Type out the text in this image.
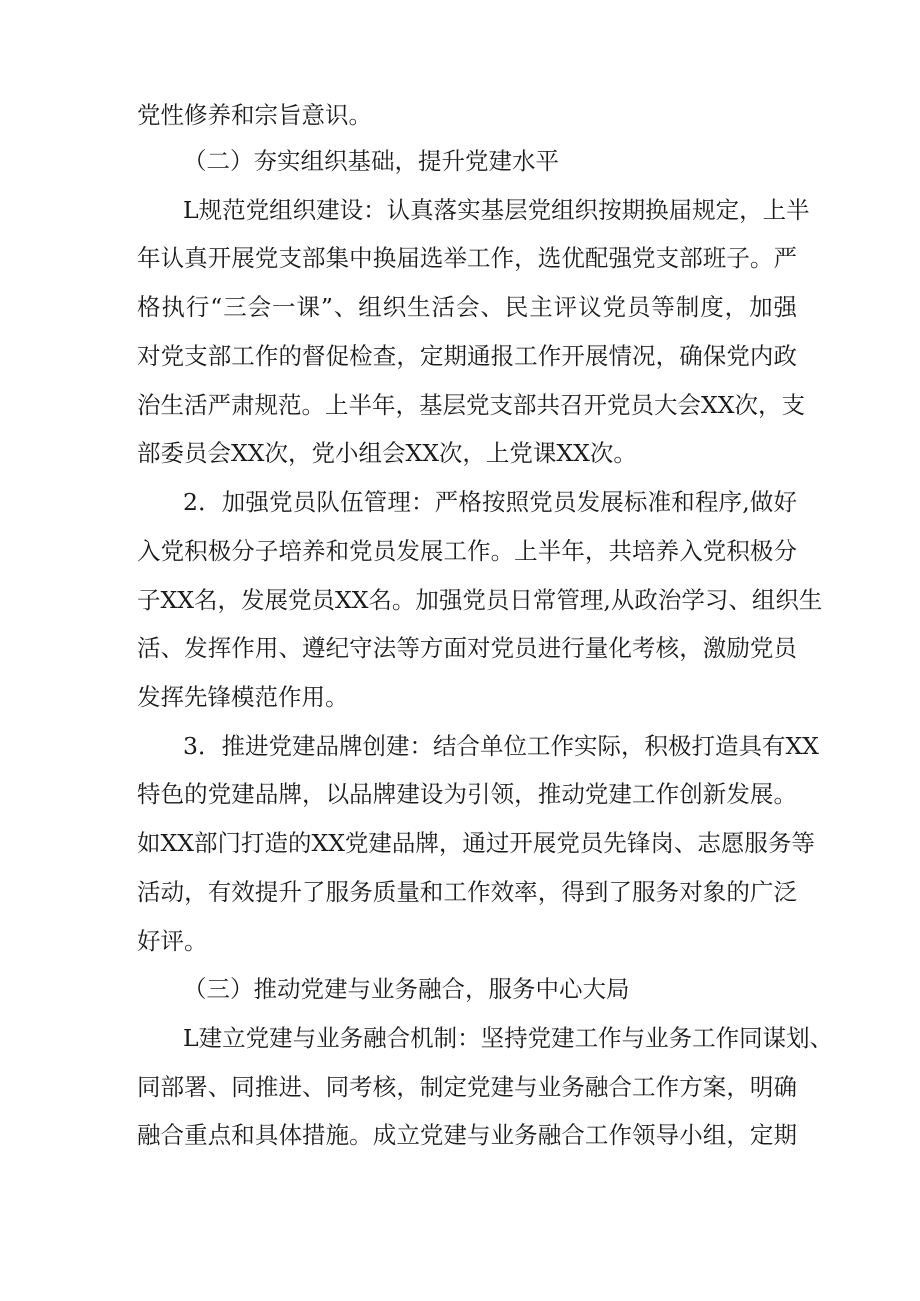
党性修养和宗旨意识。
（二）夯实组织基础，提升党建水平
L规范党组织建设：认真落实基层党组织按期换届规定，上半
年认真开展党支部集中换届选举工作，选优配强党支部班子。严
格执行“三会一课”、组织生活会、民主评议党员等制度，加强
对党支部工作的督促检查，定期通报工作开展情况，确保党内政
治生活严肃规范。上半年，基层党支部共召开党员大会XX次，支
部委员会XX次，党小组会XX次，上党课XX次。
2．加强党员队伍管理：严格按照党员发展标准和程序,做好
入党积极分子培养和党员发展工作。上半年，共培养入党积极分
子XX名，发展党员XX名。加强党员日常管理,从政治学习、组织生
活、发挥作用、遵纪守法等方面对党员进行量化考核，激励党员
发挥先锋模范作用。
3．推进党建品牌创建：结合单位工作实际，积极打造具有XX
特色的党建品牌，以品牌建设为引领，推动党建工作创新发展。
如XX部门打造的XX党建品牌，通过开展党员先锋岗、志愿服务等
活动，有效提升了服务质量和工作效率，得到了服务对象的广泛
好评。
（三）推动党建与业务融合，服务中心大局
L建立党建与业务融合机制：坚持党建工作与业务工作同谋划、
同部署、同推进、同考核，制定党建与业务融合工作方案，明确
融合重点和具体措施。成立党建与业务融合工作领导小组，定期
